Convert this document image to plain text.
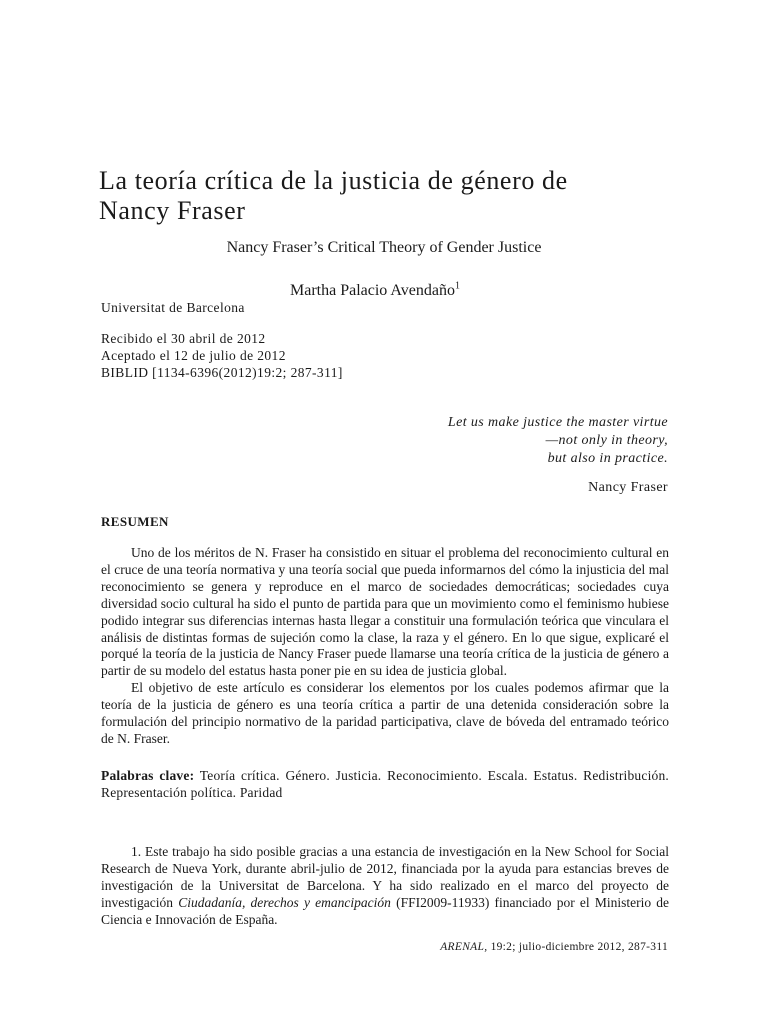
La teoría crítica de la justicia de género de
Nancy Fraser
Nancy Fraser’s Critical Theory of Gender Justice
Martha Palacio Avendaño$^1$
Universitat de Barcelona
Recibido el 30 abril de 2012
Aceptado el 12 de julio de 2012
BIBLID [1134-6396(2012)19:2; 287-311]
Let us make justice the master virtue
—not only in theory,
but also in practice.
Nancy Fraser
RESUMEN

Uno de los méritos de N. Fraser ha consistido en situar el problema del reconocimiento cultural en el cruce de una teoría normativa y una teoría social que pueda informarnos del cómo la injusticia del mal reconocimiento se genera y reproduce en el marco de sociedades democráticas; sociedades cuya diversidad socio cultural ha sido el punto de partida para que un movimiento como el feminismo hubiese podido integrar sus diferencias internas hasta llegar a constituir una formulación teórica que vinculara el análisis de distintas formas de sujeción como la clase, la raza y el género. En lo que sigue, explicaré el porqué la teoría de la justicia de Nancy Fraser puede llamarse una teoría crítica de la justicia de género a partir de su modelo del estatus hasta poner pie en su idea de justicia global.

El objetivo de este artículo es considerar los elementos por los cuales podemos afirmar que la teoría de la justicia de género es una teoría crítica a partir de una detenida consideración sobre la formulación del principio normativo de la paridad participativa, clave de bóveda del entramado teórico de N. Fraser.

Palabras clave: Teoría crítica. Género. Justicia. Reconocimiento. Escala. Estatus. Redistribución. Representación política. Paridad

1. Este trabajo ha sido posible gracias a una estancia de investigación en la New School for Social Research de Nueva York, durante abril-julio de 2012, financiada por la ayuda para estancias breves de investigación de la Universitat de Barcelona. Y ha sido realizado en el marco del proyecto de investigación Ciudadanía, derechos y emancipación (FFI2009-11933) financiado por el Ministerio de Ciencia e Innovación de España.

ARENAL, 19:2; julio-diciembre 2012, 287-311
